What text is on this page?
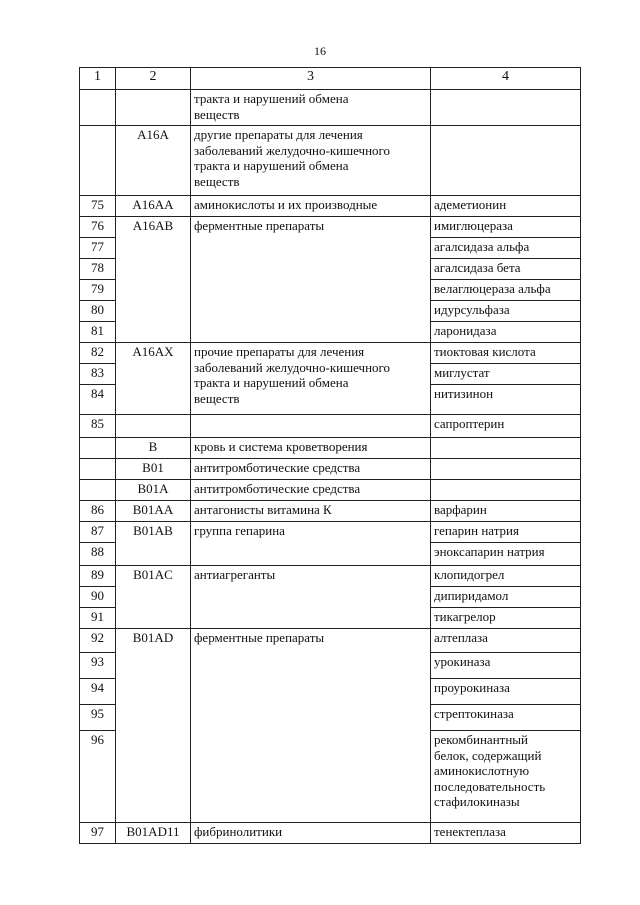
16
1	2	3	4

		тракта и нарушений обмена
веществ	

	A16A	другие препараты для лечения
заболеваний желудочно-кишечного
тракта и нарушений обмена
веществ	

75	A16AA	аминокислоты и их производные	адеметионин
76	A16AB	ферментные препараты	имиглюцераза
77			агалсидаза альфа
78			агалсидаза бета
79			велаглюцераза альфа
80			идурсульфаза
81			ларонидаза
82	A16AX	прочие препараты для лечения
заболеваний желудочно-кишечного
тракта и нарушений обмена
веществ	тиоктовая кислота
83			миглустат
84			нитизинон
85			сапроптерин
	B	кровь и система кроветворения	
	B01	антитромботические средства	
	B01A	антитромботические средства	
86	B01AA	антагонисты витамина К	варфарин
87	B01AB	группа гепарина	гепарин натрия
88			эноксапарин натрия
89	B01AC	антиагреганты	клопидогрел
90			дипиридамол
91			тикагрелор
92	B01AD	ферментные препараты	алтеплаза
93			урокиназа
94			проурокиназа
95			стрептокиназа
96			рекомбинантный
белок, содержащий
аминокислотную
последовательность
стафилокиназы

97	B01AD11	фибринолитики	тенектеплаза
